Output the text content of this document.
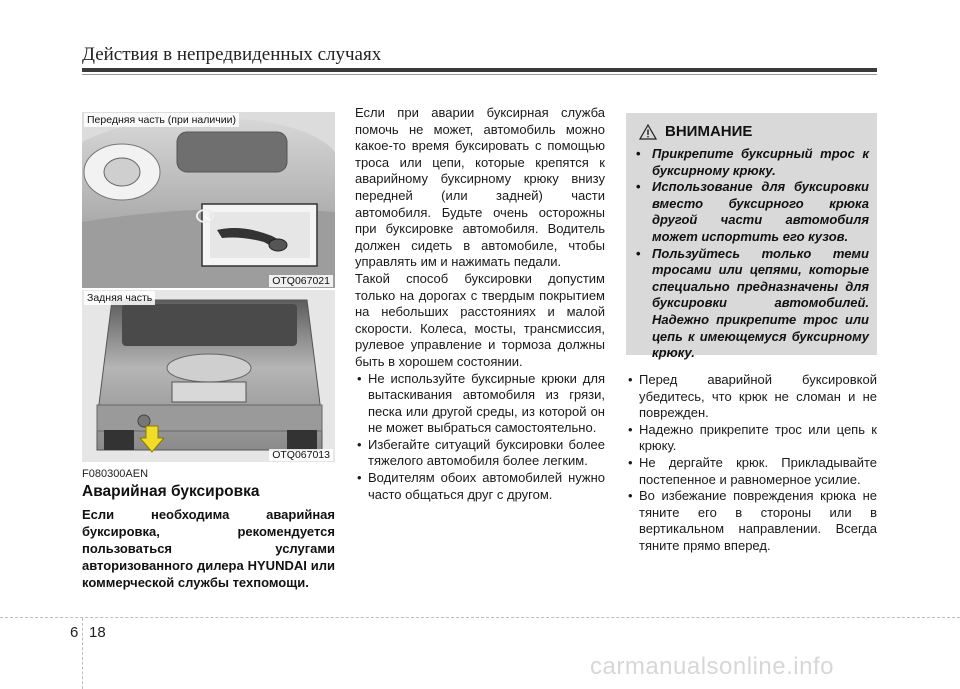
Действия в непредвиденных случаях
Передняя часть (при наличии)
OTQ067021
Задняя часть
OTQ067013
F080300AEN
Аварийная буксировка
Если необходима аварийная буксировка, рекомендуется пользоваться услугами авторизованного дилера HYUNDAI или коммерческой службы техпомощи.

Если при аварии буксирная служба помочь не может, автомобиль можно какое-то время буксировать с помощью троса или цепи, которые крепятся к аварийному буксирному крюку внизу передней (или задней) части автомобиля. Будьте очень осторожны при буксировке автомобиля. Водитель должен сидеть в автомобиле, чтобы управлять им и нажимать педали.

Такой способ буксировки допустим только на дорогах с твердым покрытием на небольших расстояниях и малой скорости. Колеса, мосты, трансмиссия, рулевое управление и тормоза должны быть в хорошем состоянии.

• Не используйте буксирные крюки для вытаскивания автомобиля из грязи, песка или другой среды, из которой он не может выбраться самостоятельно.
• Избегайте ситуаций буксировки более тяжелого автомобиля более легким.
• Водителям обоих автомобилей нужно часто общаться друг с другом.
ВНИМАНИЕ
• Прикрепите буксирный трос к буксирному крюку.
• Использование для буксировки вместо буксирного крюка другой части автомобиля может испортить его кузов.
• Пользуйтесь только теми тросами или цепями, которые специально предназначены для буксировки автомобилей. Надежно прикрепите трос или цепь к имеющемуся буксирному крюку.
• Перед аварийной буксировкой убедитесь, что крюк не сломан и не поврежден.
• Надежно прикрепите трос или цепь к крюку.
• Не дергайте крюк. Прикладывайте постепенное и равномерное усилие.
• Во избежание повреждения крюка не тяните его в стороны или в вертикальном направлении. Всегда тяните прямо вперед.
6 18
carmanualsonline.info
